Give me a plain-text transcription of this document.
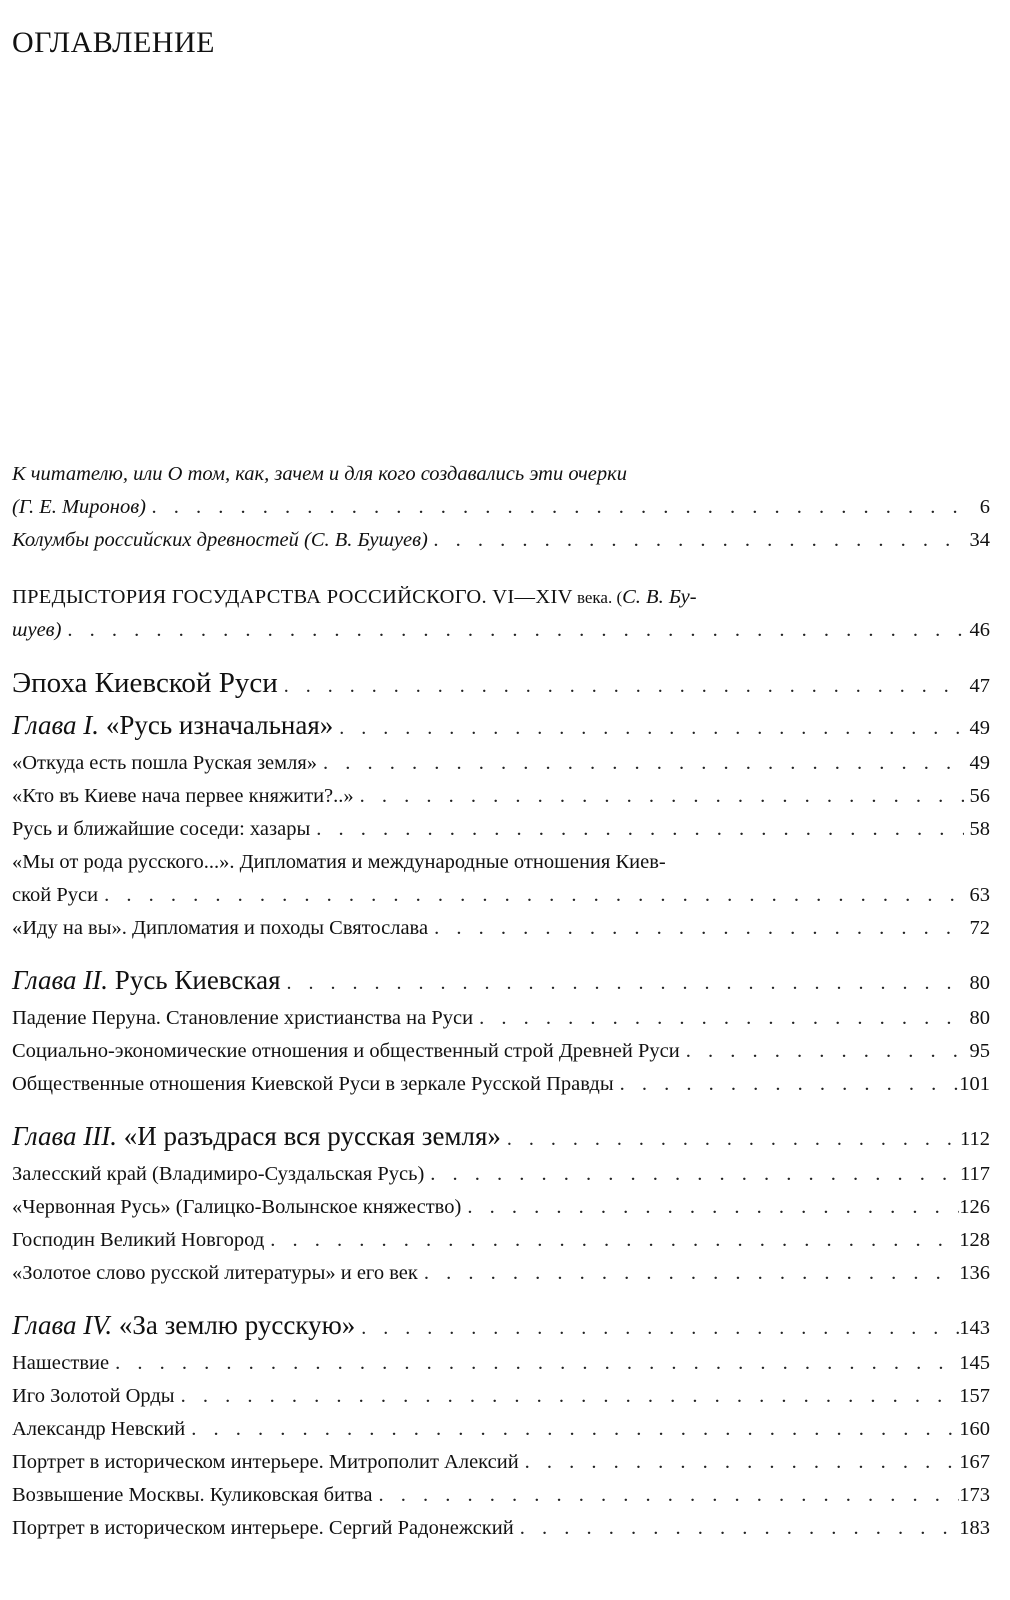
ОГЛАВЛЕНИЕ
К читателю, или О том, как, зачем и для кого создавались эти очерки
(Г. Е. Миронов) . . .	6
Колумбы российских древностей (С. В. Бушуев) . . .	34
ПРЕДЫСТОРИЯ ГОСУДАРСТВА РОССИЙСКОГО. VI—XIV века. (С. В. Бу-
шуев) . . .	46
Эпоха Киевской Руси . . .	47
Глава I. «Русь изначальная» . . .	49
«Откуда есть пошла Руская земля» . . .	49
«Кто въ Киеве нача первее княжити?..» . . .	56
Русь и ближайшие соседи: хазары . . .	58
«Мы от рода русского...». Дипломатия и международные отношения Киев-
ской Руси . . .	63
«Иду на вы». Дипломатия и походы Святослава . . .	72
Глава II. Русь Киевская . . .	80
Падение Перуна. Становление христианства на Руси . . .	80
Социально-экономические отношения и общественный строй Древней Руси . . .	95
Общественные отношения Киевской Руси в зеркале Русской Правды . . .	101
Глава III. «И разъдрася вся русская земля» . . .	112
Залесский край (Владимиро-Суздальская Русь) . . .	117
«Червонная Русь» (Галицко-Волынское княжество) . . .	126
Господин Великий Новгород . . .	128
«Золотое слово русской литературы» и его век . . .	136
Глава IV. «За землю русскую» . . .	143
Нашествие . . .	145
Иго Золотой Орды . . .	157
Александр Невский . . .	160
Портрет в историческом интерьере. Митрополит Алексий . . .	167
Возвышение Москвы. Куликовская битва . . .	173
Портрет в историческом интерьере. Сергий Радонежский . . .	183
